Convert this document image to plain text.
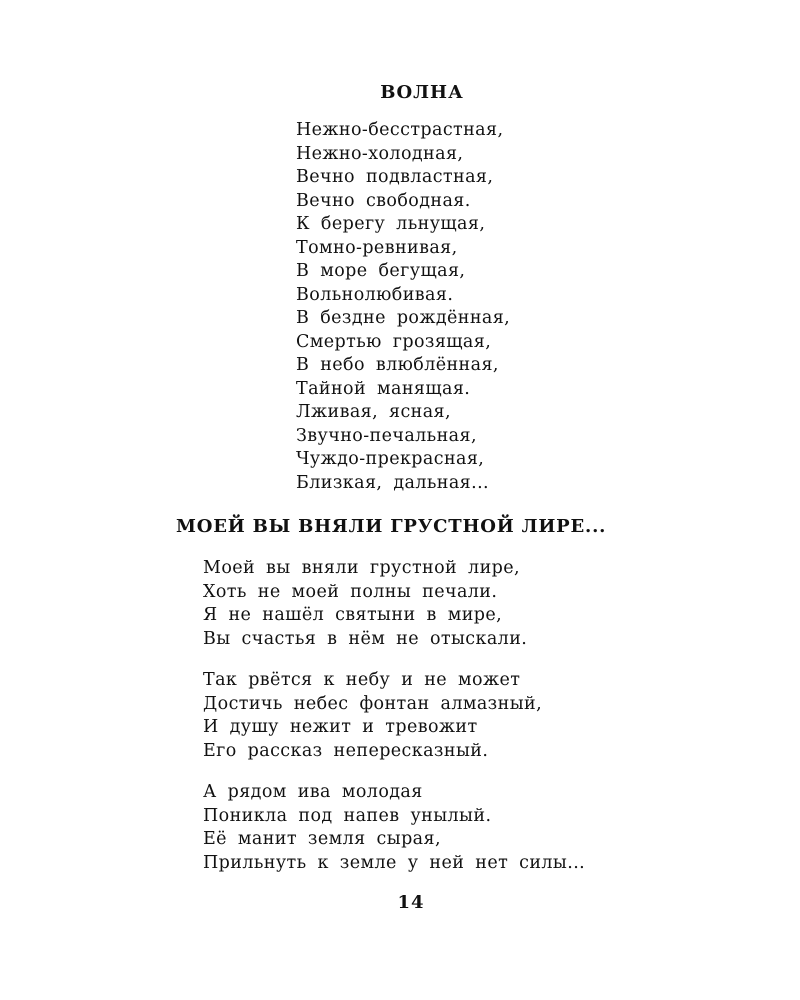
ВОЛНА
Нежно-бесстрастная,
Нежно-холодная,
Вечно подвластная,
Вечно свободная.
К берегу льнущая,
Томно-ревнивая,
В море бегущая,
Вольнолюбивая.
В бездне рождённая,
Смертью грозящая,
В небо влюблённая,
Тайной манящая.
Лживая, ясная,
Звучно-печальная,
Чуждо-прекрасная,
Близкая, дальная...
МОЕЙ ВЫ ВНЯЛИ ГРУСТНОЙ ЛИРЕ...
Моей вы вняли грустной лире,
Хоть не моей полны печали.
Я не нашёл святыни в мире,
Вы счастья в нём не отыскали.
Так рвётся к небу и не может
Достичь небес фонтан алмазный,
И душу нежит и тревожит
Его рассказ непересказный.
А рядом ива молодая
Поникла под напев унылый.
Её манит земля сырая,
Прильнуть к земле у ней нет силы...
14
